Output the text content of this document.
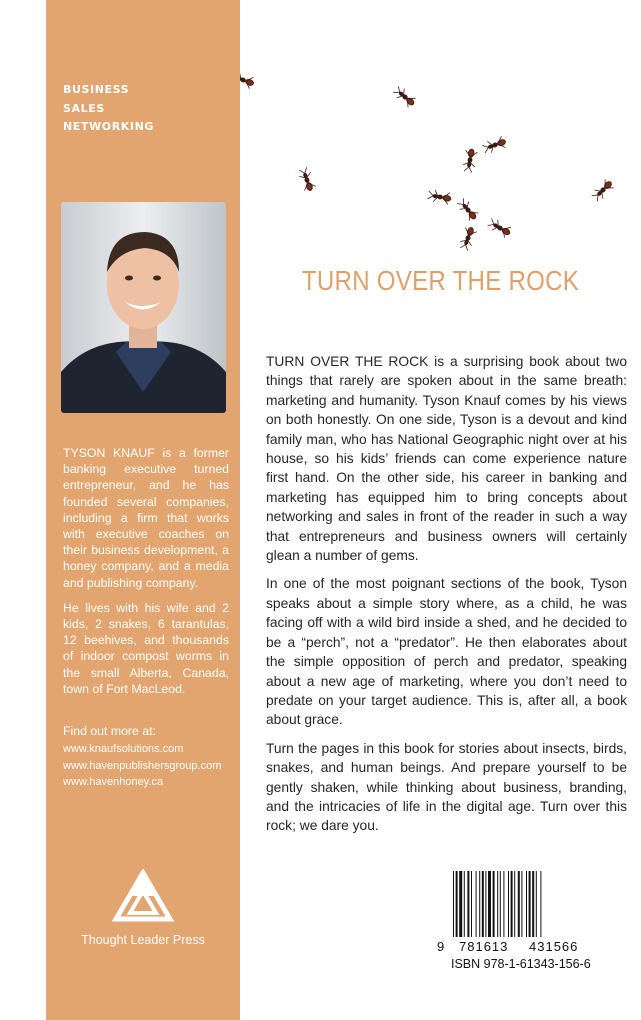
BUSINESS
SALES
NETWORKING

TYSON KNAUF is a former banking executive turned entrepreneur, and he has founded several companies, including a firm that works with executive coaches on their business development, a honey company, and a media and publishing company.

He lives with his wife and 2 kids, 2 snakes, 6 tarantulas, 12 beehives, and thousands of indoor compost worms in the small Alberta, Canada, town of Fort MacLeod.

Find out more at:
www.knaufsolutions.com
www.havenpublishersgroup.com
www.havenhoney.ca
Thought Leader Press
TURN OVER THE ROCK

TURN OVER THE ROCK is a surprising book about two things that rarely are spoken about in the same breath: marketing and humanity. Tyson Knauf comes by his views on both honestly. On one side, Tyson is a devout and kind family man, who has National Geographic night over at his house, so his kids’ friends can come experience nature first hand. On the other side, his career in banking and marketing has equipped him to bring concepts about networking and sales in front of the reader in such a way that entrepreneurs and business owners will certainly glean a number of gems.

In one of the most poignant sections of the book, Tyson speaks about a simple story where, as a child, he was facing off with a wild bird inside a shed, and he decided to be a “perch”, not a “predator”. He then elaborates about the simple opposition of perch and predator, speaking about a new age of marketing, where you don’t need to predate on your target audience. This is, after all, a book about grace.

Turn the pages in this book for stories about insects, birds, snakes, and human beings. And prepare yourself to be gently shaken, while thinking about business, branding, and the intricacies of life in the digital age. Turn over this rock; we dare you.

9 781613 431566
ISBN 978-1-61343-156-6
